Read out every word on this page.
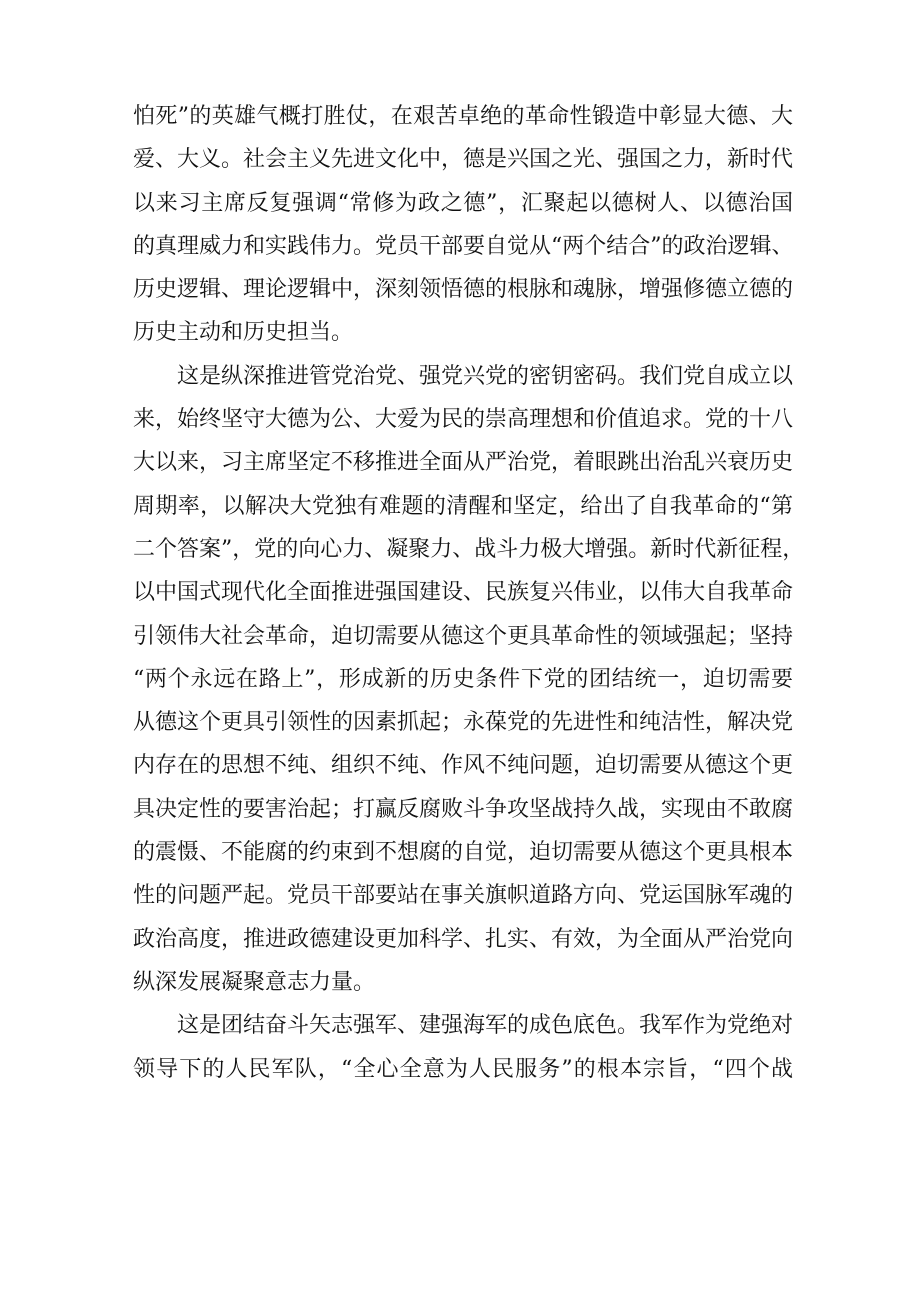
怕死”的英雄气概打胜仗，在艰苦卓绝的革命性锻造中彰显大德、大
爱、大义。社会主义先进文化中，德是兴国之光、强国之力，新时代
以来习主席反复强调“常修为政之德”，汇聚起以德树人、以德治国
的真理威力和实践伟力。党员干部要自觉从“两个结合”的政治逻辑、
历史逻辑、理论逻辑中，深刻领悟德的根脉和魂脉，增强修德立德的
历史主动和历史担当。
这是纵深推进管党治党、强党兴党的密钥密码。我们党自成立以
来，始终坚守大德为公、大爱为民的崇高理想和价值追求。党的十八
大以来，习主席坚定不移推进全面从严治党，着眼跳出治乱兴衰历史
周期率，以解决大党独有难题的清醒和坚定，给出了自我革命的“第
二个答案”，党的向心力、凝聚力、战斗力极大增强。新时代新征程，
以中国式现代化全面推进强国建设、民族复兴伟业，以伟大自我革命
引领伟大社会革命，迫切需要从德这个更具革命性的领域强起；坚持
“两个永远在路上”，形成新的历史条件下党的团结统一，迫切需要
从德这个更具引领性的因素抓起；永葆党的先进性和纯洁性，解决党
内存在的思想不纯、组织不纯、作风不纯问题，迫切需要从德这个更
具决定性的要害治起；打赢反腐败斗争攻坚战持久战，实现由不敢腐
的震慑、不能腐的约束到不想腐的自觉，迫切需要从德这个更具根本
性的问题严起。党员干部要站在事关旗帜道路方向、党运国脉军魂的
政治高度，推进政德建设更加科学、扎实、有效，为全面从严治党向
纵深发展凝聚意志力量。
这是团结奋斗矢志强军、建强海军的成色底色。我军作为党绝对
领导下的人民军队，“全心全意为人民服务”的根本宗旨，“四个战
